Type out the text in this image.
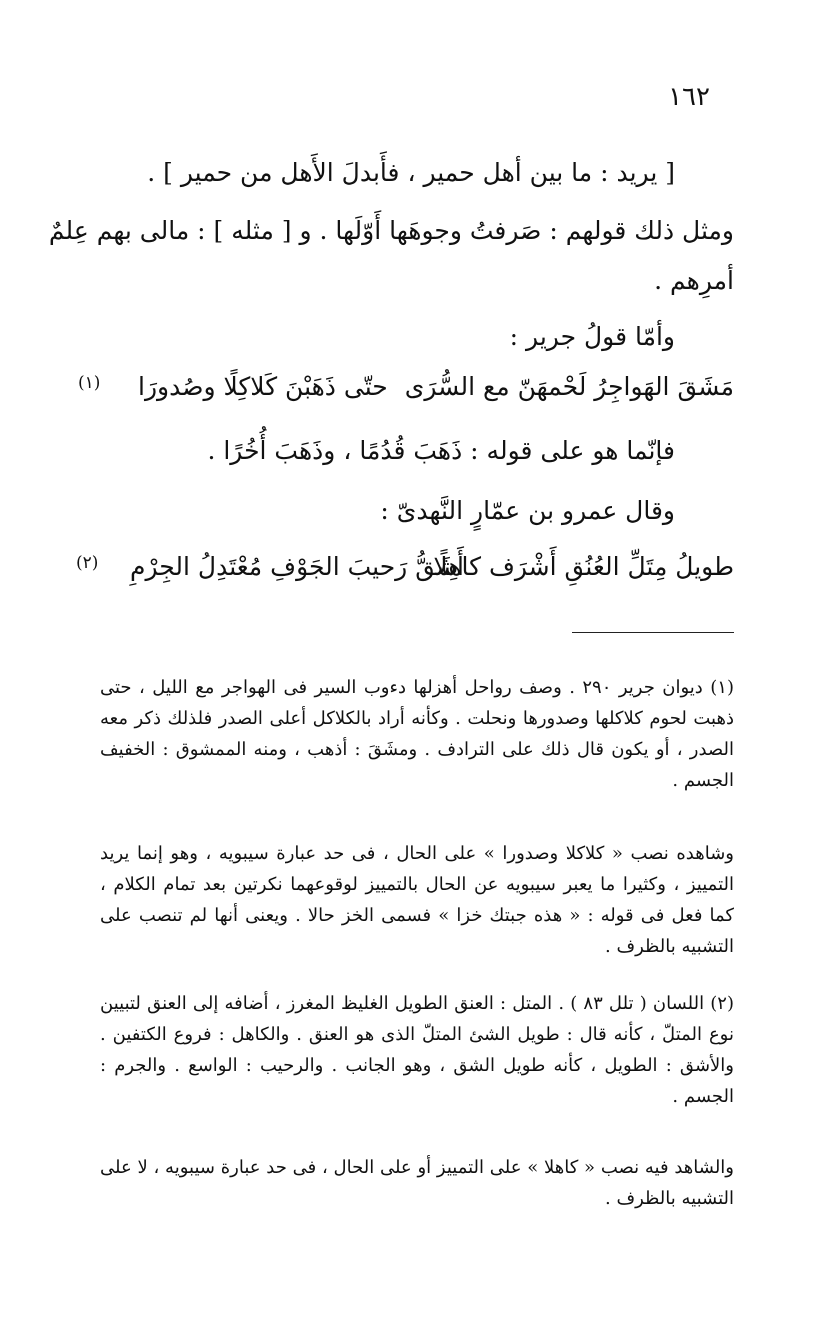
١٦٢
[ يريد : ما بين أهل حمير ، فأَبدلَ الأَهل من حمير ] .
ومثل ذلك قولهم : صَرفتُ وجوهَها أَوّلَها . و [ مثله ] : مالى بهم عِلمٌ
أمرِهم .
وأمّا قولُ جرير :
مَشَقَ الهَواجِرُ لَحْمهَنّ مع السُّرَى
حتّى ذَهَبْنَ كَلاكِلًا وصُدورَا
(١)
فإنّما هو على قوله : ذَهَبَ قُدُمًا ، وذَهَبَ أُخُرًا .
وقال عمرو بن عمّارٍ النَّهدىّ :
طويلُ مِتَلِّ العُنُقِ أَشْرَف كاهِلًا
أَشَقُّ رَحيبَ الجَوْفِ مُعْتَدِلُ الجِرْمِ
(٢)
(١) ديوان جرير ٢٩٠ . وصف رواحل أهزلها دءوب السير فى الهواجر مع الليل ، حتى ذهبت لحوم كلاكلها وصدورها ونحلت . وكأنه أراد بالكلاكل أعلى الصدر فلذلك ذكر معه الصدر ، أو يكون قال ذلك على الترادف . ومشَقَ : أذهب ، ومنه الممشوق : الخفيف الجسم .
وشاهده نصب « كلاكلا وصدورا » على الحال ، فى حد عبارة سيبويه ، وهو إنما يريد التمييز ، وكثيرا ما يعبر سيبويه عن الحال بالتمييز لوقوعهما نكرتين بعد تمام الكلام ، كما فعل فى قوله : « هذه جبتك خزا » فسمى الخز حالا . ويعنى أنها لم تنصب على التشبيه بالظرف .
(٢) اللسان ( تلل ٨٣ ) . المتل : العنق الطويل الغليظ المغرز ، أضافه إلى العنق لتبيين نوع المتلّ ، كأنه قال : طويل الشئ المتلّ الذى هو العنق . والكاهل : فروع الكتفين . والأشق : الطويل ، كأنه طويل الشق ، وهو الجانب . والرحيب : الواسع . والجرم : الجسم .
والشاهد فيه نصب « كاهلا » على التمييز أو على الحال ، فى حد عبارة سيبويه ، لا على التشبيه بالظرف .
